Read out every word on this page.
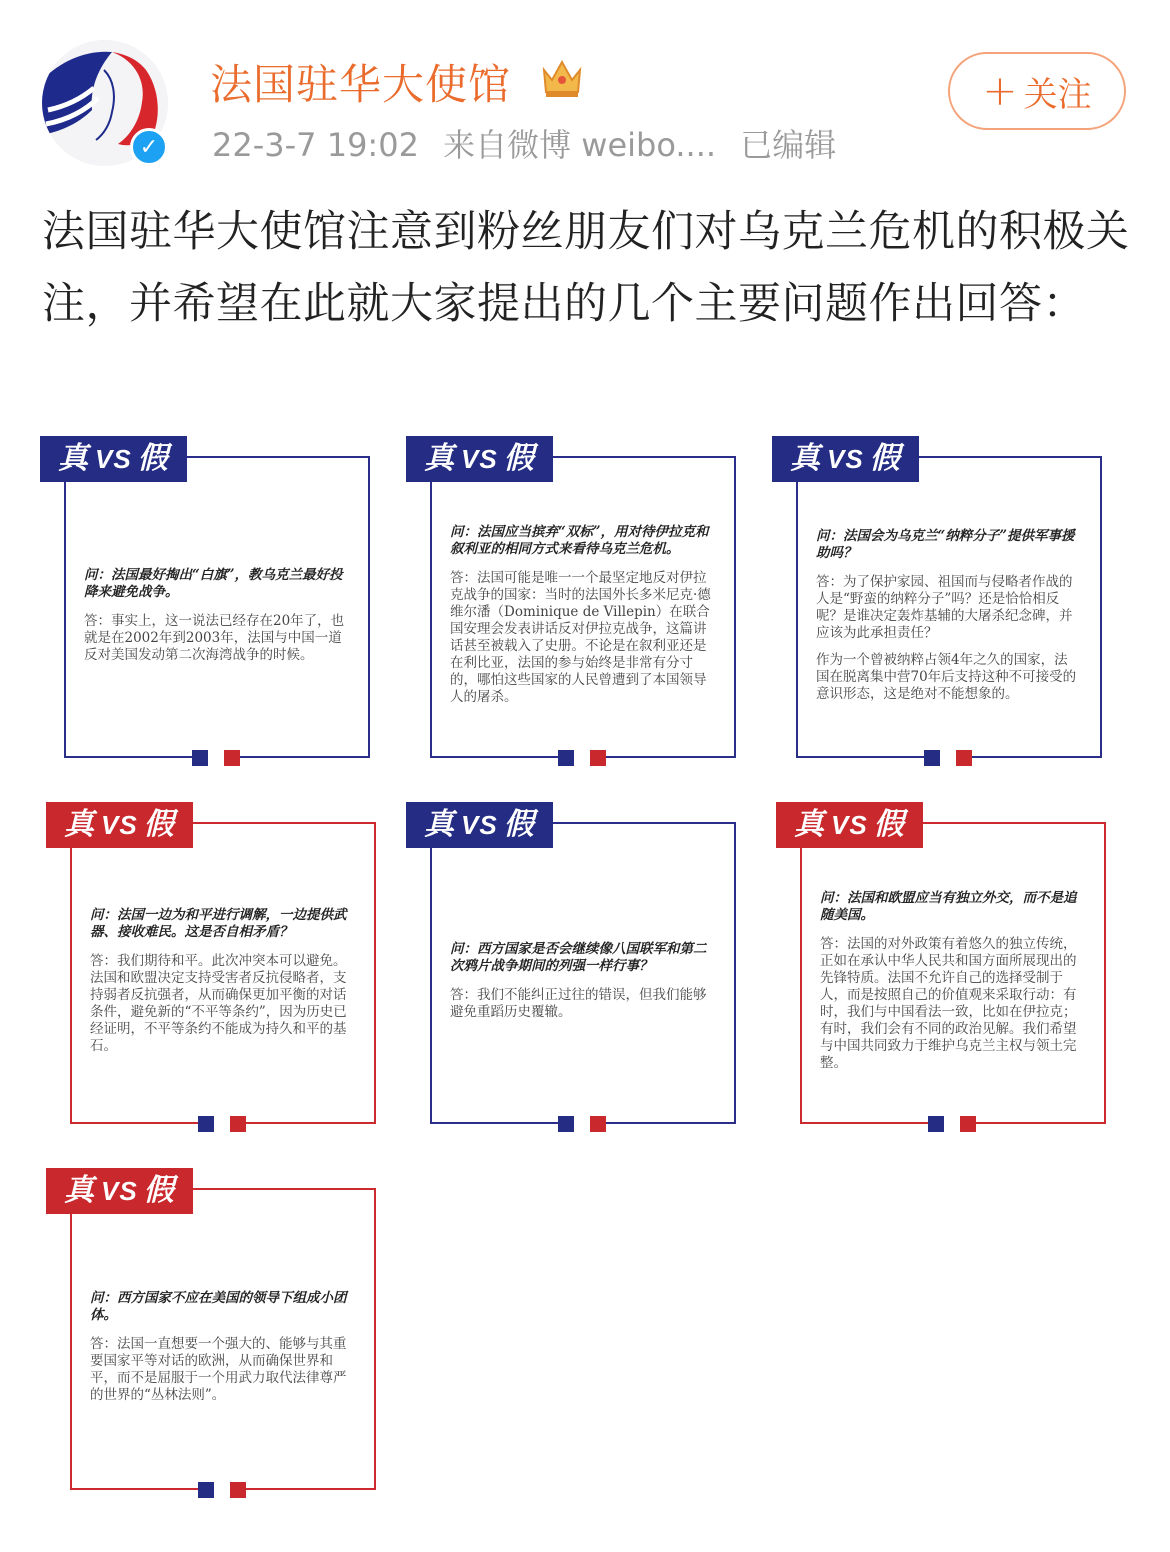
✓
法国驻华大使馆
22-3-7 19:02 来自微博 weibo.... 已编辑
+ 关注
法国驻华大使馆注意到粉丝朋友们对乌克兰危机的积极关注，并希望在此就大家提出的几个主要问题作出回答：
真 VS 假
问：法国最好掏出“白旗”，教乌克兰最好投降来避免战争。

答：事实上，这一说法已经存在20年了，也就是在2002年到2003年，法国与中国一道反对美国发动第二次海湾战争的时候。

真 VS 假
问：法国应当摈弃“双标”，用对待伊拉克和叙利亚的相同方式来看待乌克兰危机。

答：法国可能是唯一一个最坚定地反对伊拉克战争的国家：当时的法国外长多米尼克·德维尔潘（Dominique de Villepin）在联合国安理会发表讲话反对伊拉克战争，这篇讲话甚至被载入了史册。不论是在叙利亚还是在利比亚，法国的参与始终是非常有分寸的，哪怕这些国家的人民曾遭到了本国领导人的屠杀。

真 VS 假
问：法国会为乌克兰“纳粹分子”提供军事援助吗？

答：为了保护家园、祖国而与侵略者作战的人是“野蛮的纳粹分子”吗？还是恰恰相反呢？是谁决定轰炸基辅的大屠杀纪念碑，并应该为此承担责任？

作为一个曾被纳粹占领4年之久的国家，法国在脱离集中营70年后支持这种不可接受的意识形态，这是绝对不能想象的。

真 VS 假
问：法国一边为和平进行调解，一边提供武器、接收难民。这是否自相矛盾？

答：我们期待和平。此次冲突本可以避免。法国和欧盟决定支持受害者反抗侵略者，支持弱者反抗强者，从而确保更加平衡的对话条件，避免新的“不平等条约”，因为历史已经证明，不平等条约不能成为持久和平的基石。

真 VS 假
问：西方国家是否会继续像八国联军和第二次鸦片战争期间的列强一样行事？

答：我们不能纠正过往的错误，但我们能够避免重蹈历史覆辙。

真 VS 假
问：法国和欧盟应当有独立外交，而不是追随美国。

答：法国的对外政策有着悠久的独立传统，正如在承认中华人民共和国方面所展现出的先锋特质。法国不允许自己的选择受制于人，而是按照自己的价值观来采取行动：有时，我们与中国看法一致，比如在伊拉克；有时，我们会有不同的政治见解。我们希望与中国共同致力于维护乌克兰主权与领土完整。

真 VS 假
问：西方国家不应在美国的领导下组成小团体。

答：法国一直想要一个强大的、能够与其重要国家平等对话的欧洲，从而确保世界和平，而不是屈服于一个用武力取代法律尊严的世界的“丛林法则”。
